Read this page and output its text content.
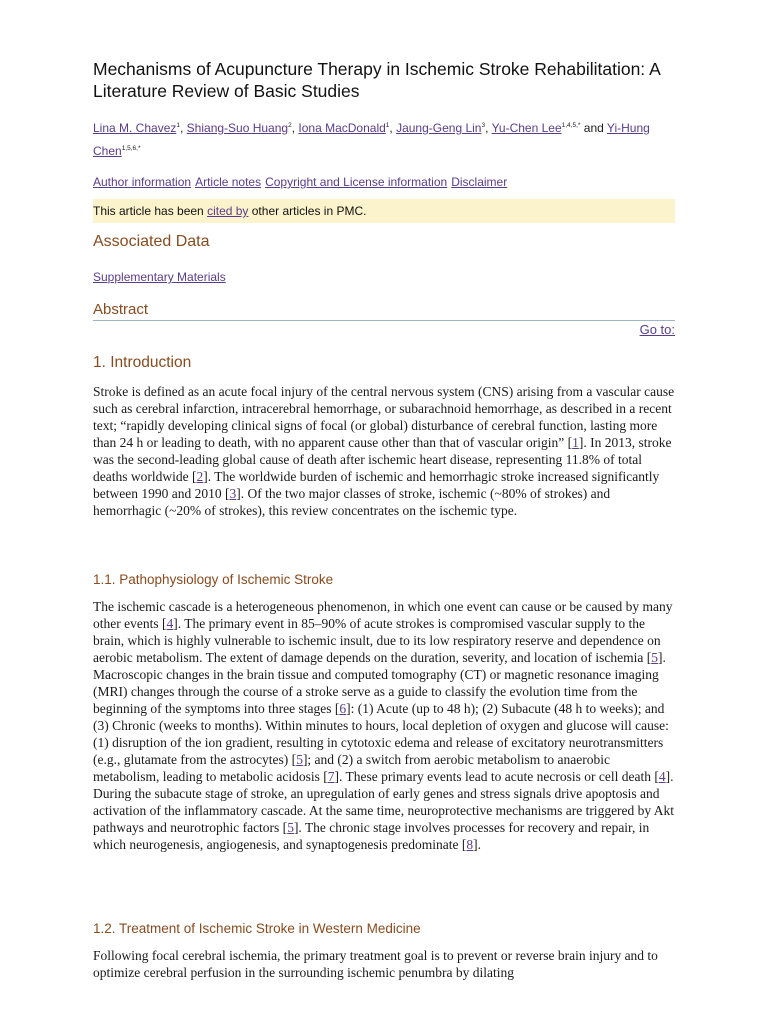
Mechanisms of Acupuncture Therapy in Ischemic Stroke Rehabilitation: A Literature Review of Basic Studies
Lina M. Chavez$^1$, Shiang-Suo Huang$^2$, Iona MacDonald$^1$, Jaung-Geng Lin$^3$, Yu-Chen Lee$^{1,4,5,*}$ and Yi-Hung Chen$^{1,5,6,*}$
Author information Article notes Copyright and License information Disclaimer
This article has been cited by other articles in PMC.
Associated Data
Supplementary Materials
Abstract
Go to:
1. Introduction

Stroke is defined as an acute focal injury of the central nervous system (CNS) arising from a vascular cause such as cerebral infarction, intracerebral hemorrhage, or subarachnoid hemorrhage, as described in a recent text; “rapidly developing clinical signs of focal (or global) disturbance of cerebral function, lasting more than 24 h or leading to death, with no apparent cause other than that of vascular origin” [1]. In 2013, stroke was the second-leading global cause of death after ischemic heart disease, representing 11.8% of total deaths worldwide [2]. The worldwide burden of ischemic and hemorrhagic stroke increased significantly between 1990 and 2010 [3]. Of the two major classes of stroke, ischemic (~80% of strokes) and hemorrhagic (~20% of strokes), this review concentrates on the ischemic type.

1.1. Pathophysiology of Ischemic Stroke

The ischemic cascade is a heterogeneous phenomenon, in which one event can cause or be caused by many other events [4]. The primary event in 85–90% of acute strokes is compromised vascular supply to the brain, which is highly vulnerable to ischemic insult, due to its low respiratory reserve and dependence on aerobic metabolism. The extent of damage depends on the duration, severity, and location of ischemia [5]. Macroscopic changes in the brain tissue and computed tomography (CT) or magnetic resonance imaging (MRI) changes through the course of a stroke serve as a guide to classify the evolution time from the beginning of the symptoms into three stages [6]: (1) Acute (up to 48 h); (2) Subacute (48 h to weeks); and (3) Chronic (weeks to months). Within minutes to hours, local depletion of oxygen and glucose will cause: (1) disruption of the ion gradient, resulting in cytotoxic edema and release of excitatory neurotransmitters (e.g., glutamate from the astrocytes) [5]; and (2) a switch from aerobic metabolism to anaerobic metabolism, leading to metabolic acidosis [7]. These primary events lead to acute necrosis or cell death [4]. During the subacute stage of stroke, an upregulation of early genes and stress signals drive apoptosis and activation of the inflammatory cascade. At the same time, neuroprotective mechanisms are triggered by Akt pathways and neurotrophic factors [5]. The chronic stage involves processes for recovery and repair, in which neurogenesis, angiogenesis, and synaptogenesis predominate [8].

1.2. Treatment of Ischemic Stroke in Western Medicine

Following focal cerebral ischemia, the primary treatment goal is to prevent or reverse brain injury and to optimize cerebral perfusion in the surrounding ischemic penumbra by dilating
